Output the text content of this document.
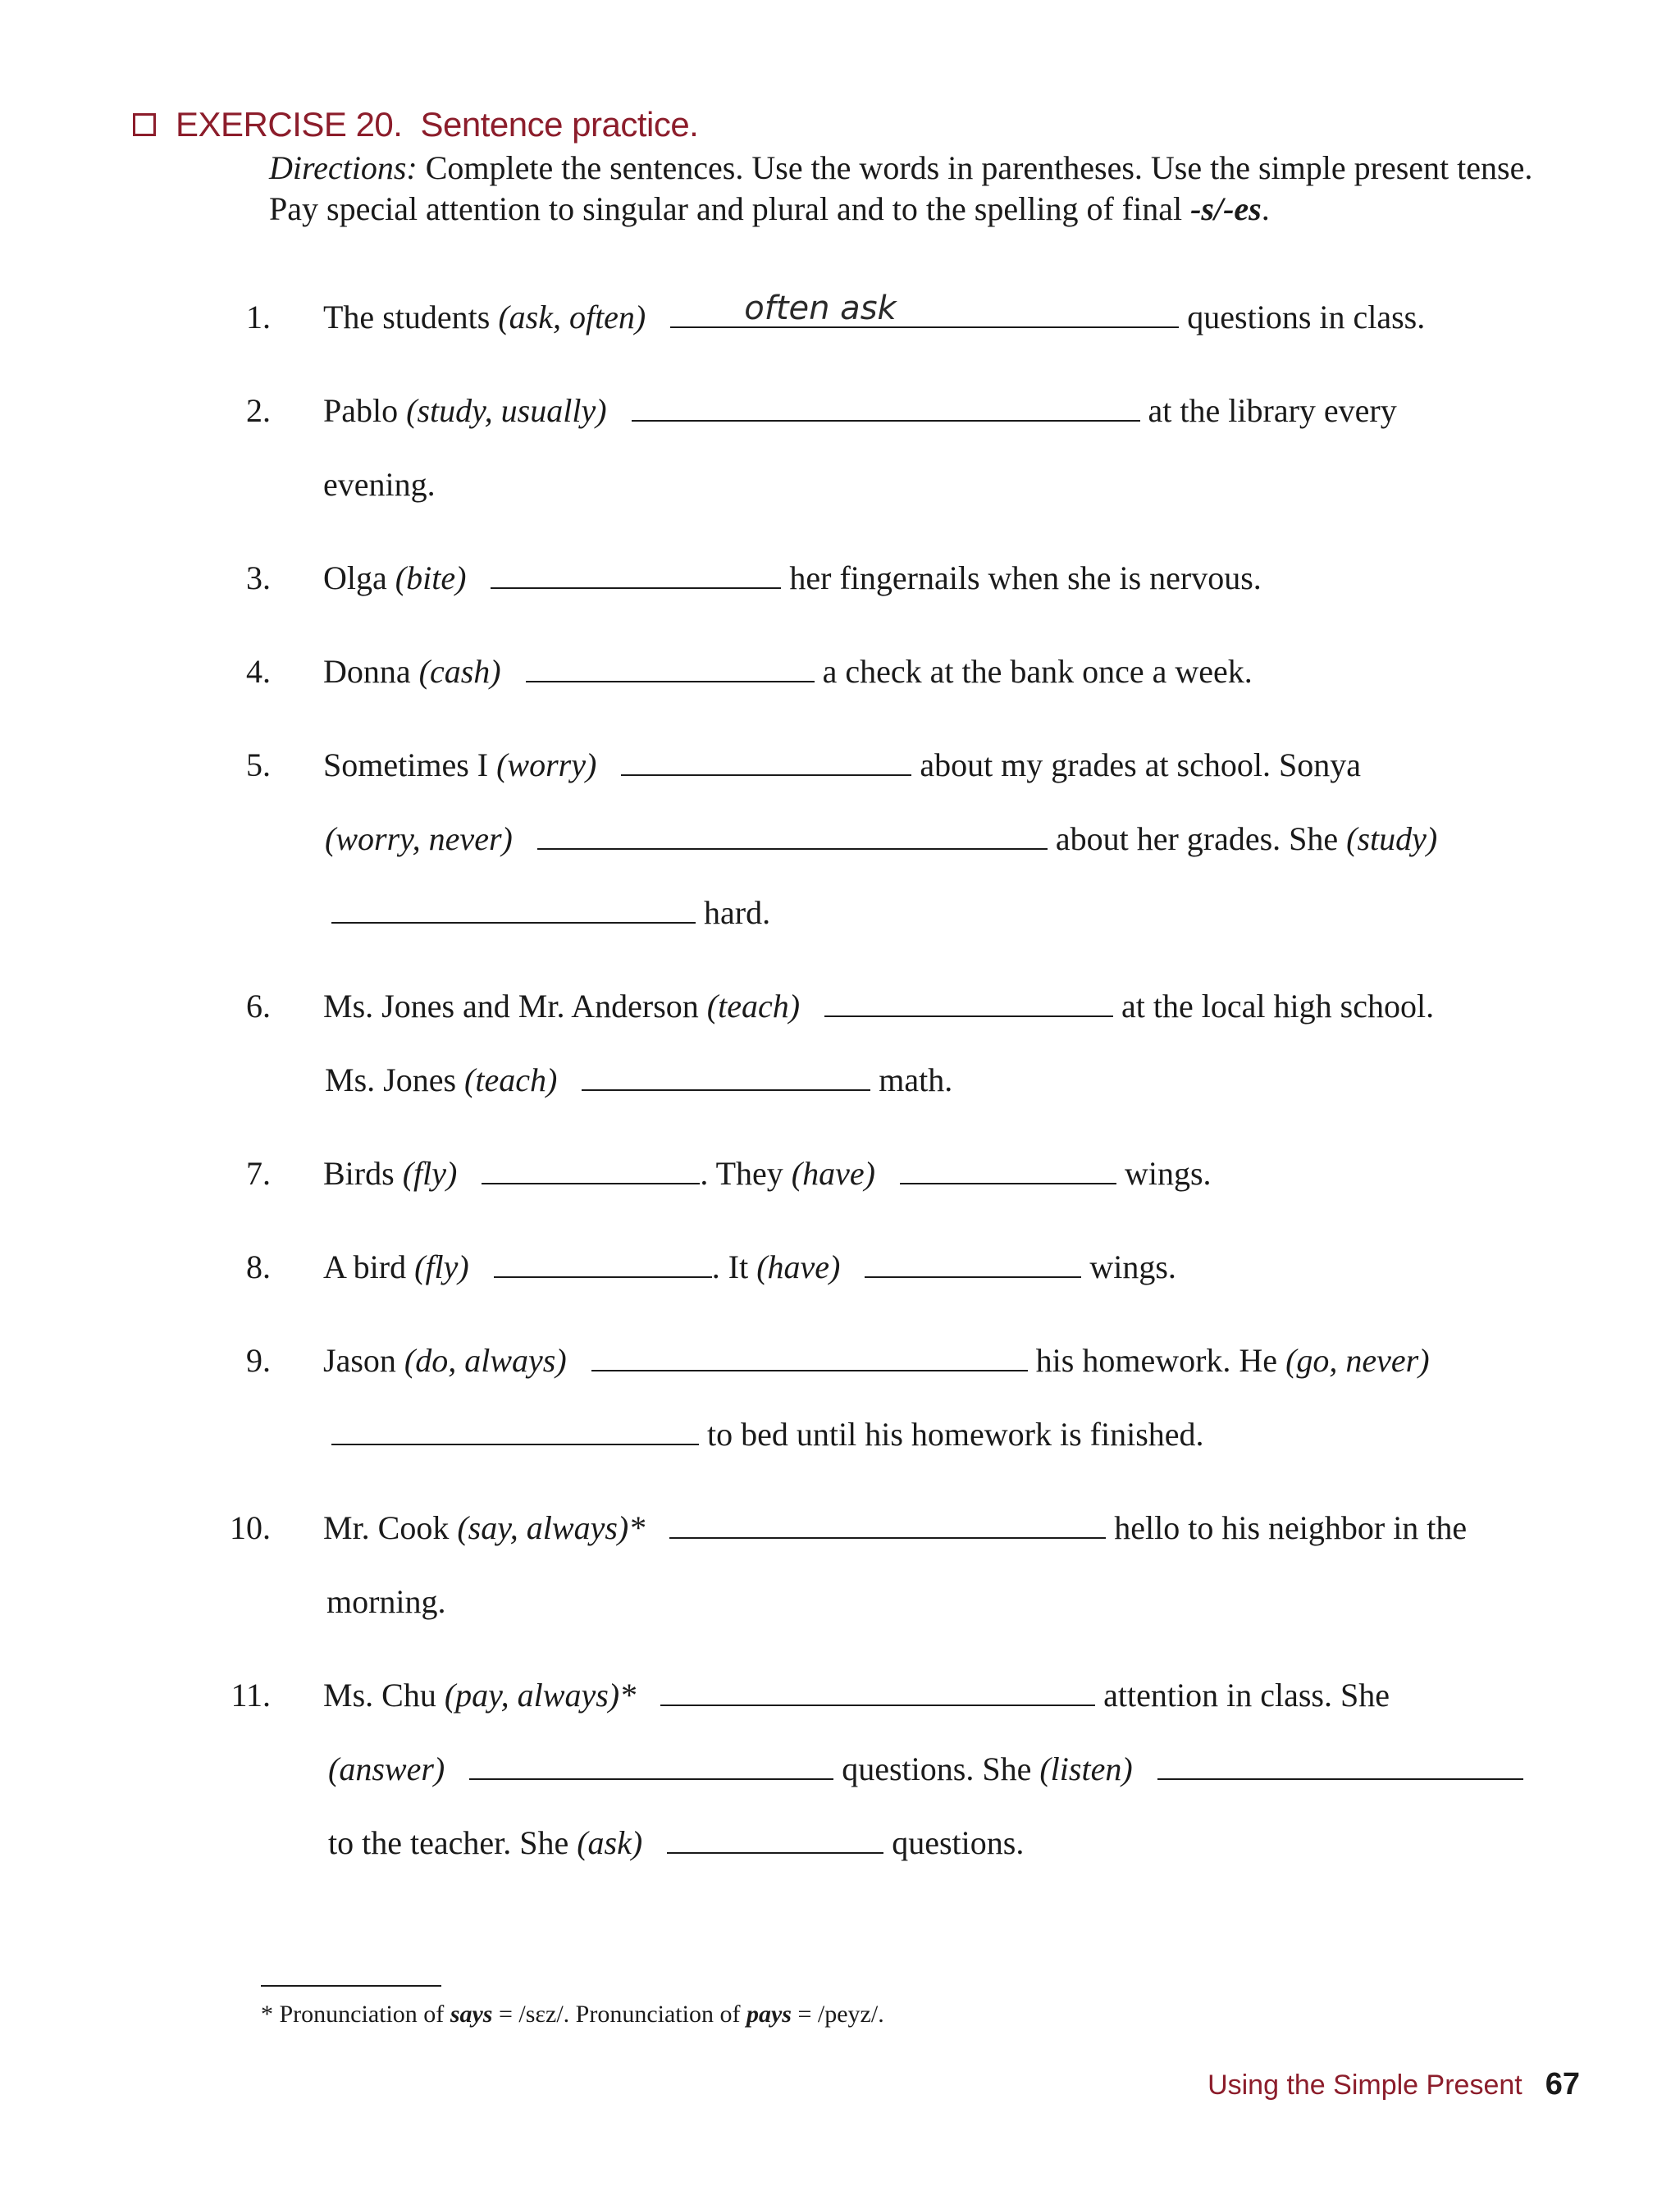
EXERCISE 20. Sentence practice.
Directions: Complete the sentences. Use the words in parentheses. Use the simple present tense. Pay special attention to singular and plural and to the spelling of final -s/-es.
1. The students (ask, often)	often ask	questions in class.
2. Pablo (study, usually)	at the library every
evening.
3. Olga (bite)	her fingernails when she is nervous.
4. Donna (cash)	a check at the bank once a week.
5. Sometimes I (worry)	about my grades at school. Sonya
(worry, never)	about her grades. She (study)
hard.
6. Ms. Jones and Mr. Anderson (teach)	at the local high school.
Ms. Jones (teach)	math.
7. Birds (fly)	. They (have)	wings.
8. A bird (fly)	. It (have)	wings.
9. Jason (do, always)	his homework. He (go, never)
to bed until his homework is finished.
10. Mr. Cook (say, always)*	hello to his neighbor in the
morning.
11. Ms. Chu (pay, always)*	attention in class. She
(answer)	questions. She (listen)
to the teacher. She (ask)	questions.
* Pronunciation of says = /sɛz/. Pronunciation of pays = /peyz/.
Using the Simple Present 67
